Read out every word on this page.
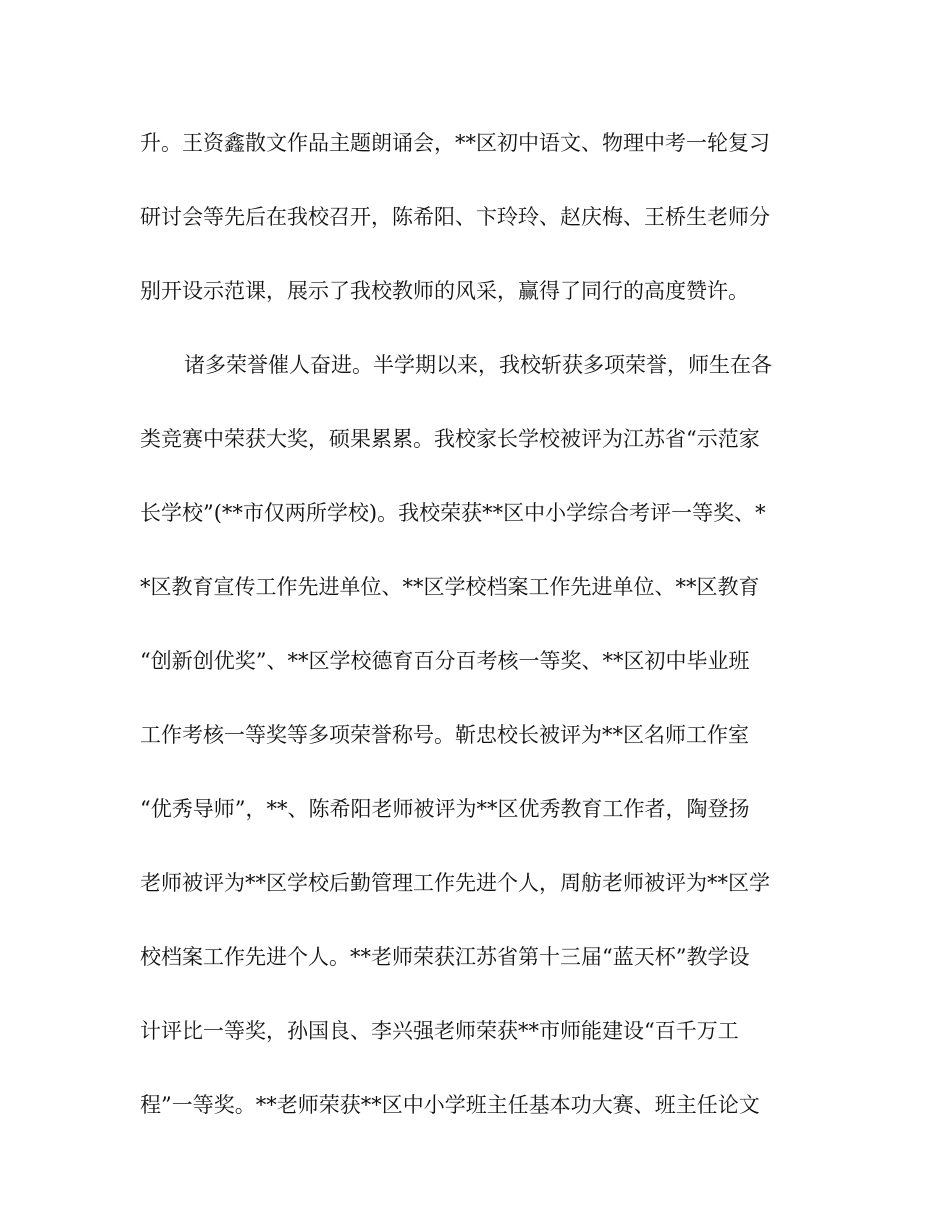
升。王资鑫散文作品主题朗诵会，**区初中语文、物理中考一轮复习
研讨会等先后在我校召开，陈希阳、卞玲玲、赵庆梅、王桥生老师分
别开设示范课，展示了我校教师的风采，赢得了同行的高度赞许。
诸多荣誉催人奋进。半学期以来，我校斩获多项荣誉，师生在各
类竞赛中荣获大奖，硕果累累。我校家长学校被评为江苏省“示范家
长学校”(**市仅两所学校)。我校荣获**区中小学综合考评一等奖、*
*区教育宣传工作先进单位、**区学校档案工作先进单位、**区教育
“创新创优奖”、**区学校德育百分百考核一等奖、**区初中毕业班
工作考核一等奖等多项荣誉称号。靳忠校长被评为**区名师工作室
“优秀导师”，**、陈希阳老师被评为**区优秀教育工作者，陶登扬
老师被评为**区学校后勤管理工作先进个人，周舫老师被评为**区学
校档案工作先进个人。**老师荣获江苏省第十三届“蓝天杯”教学设
计评比一等奖，孙国良、李兴强老师荣获**市师能建设“百千万工
程”一等奖。**老师荣获**区中小学班主任基本功大赛、班主任论文
